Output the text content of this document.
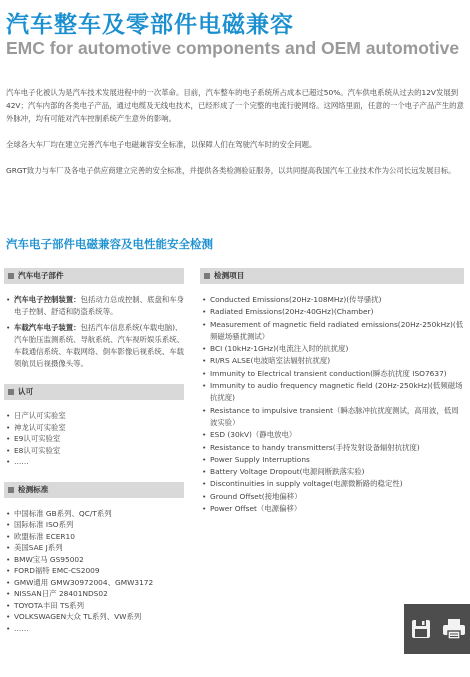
汽车整车及零部件电磁兼容
EMC for automotive components and OEM automotive

汽车电子化被认为是汽车技术发展进程中的一次革命。目前，汽车整车的电子系统所占成本已超过50%。汽车供电系统从过去的12V发展到42V；汽车内部的各类电子产品，通过电缆及无线电技术，已经形成了一个完整的电流行驶网络。这网络里面，任意的一个电子产品产生的意外脉冲，均有可能对汽车控制系统产生意外的影响。

全球各大车厂均在建立完善汽车电子电磁兼容安全标准，以保障人们在驾驶汽车时的安全问题。

GRGT致力与车厂及各电子供应商建立完善的安全标准，并提供各类检测验证服务，以共同提高我国汽车工业技术作为公司长远发展目标。

汽车电子部件电磁兼容及电性能安全检测
汽车电子部件
• 汽车电子控制装置：包括动力总成控制、底盘和车身电子控制、舒适和防盗系统等。
• 车载汽车电子装置：包括汽车信息系统(车载电脑)、汽车胎压监测系统、导航系统、汽车视听娱乐系统、车载通信系统、车载网络、倒车影像后视系统、车载领航员后视摄像头等。
认可
• 日产认可实验室
• 神龙认可实验室
• E9认可实验室
• E8认可实验室
• ……
检测标准
• 中国标准 GB系列、QC/T系列
• 国际标准 ISO系列
• 欧盟标准 ECER10
• 美国SAE J系列
• BMW宝马 GS95002
• FORD福特 EMC-CS2009
• GMW通用 GMW30972004、GMW3172
• NISSAN日产 28401NDS02
• TOYOTA丰田 TS系列
• VOLKSWAGEN大众 TL系列、VW系列
• ……
检测项目
• Conducted Emissions(20Hz-108MHz)(传导骚扰)
• Radiated Emissions(20Hz-40GHz)(Chamber)
• Measurement of magnetic field radiated emissions(20Hz-250kHz)(低频磁场骚扰测试）
• BCI (10kHz-1GHz)(电流注入时的抗扰度)
• RI/RS ALSE(电波暗室法辐射抗扰度)
• Immunity to Electrical transient conduction(瞬态抗扰度 ISO7637)
• Immunity to audio frequency magnetic field (20Hz-250kHz)(低频磁场抗扰度)
• Resistance to impulsive transient（瞬态脉冲抗扰度测试，高用波，低周波实验）
• ESD (30kV)（静电放电）
• Resistance to handy transmitters(手持发射设备辐射抗扰度)
• Power Supply Interruptions
• Battery Voltage Dropout(电源间断跌落实验)
• Discontinuities in supply voltage(电源微断路的稳定性)
• Ground Offset(接地偏移）
• Power Offset（电源偏移）
